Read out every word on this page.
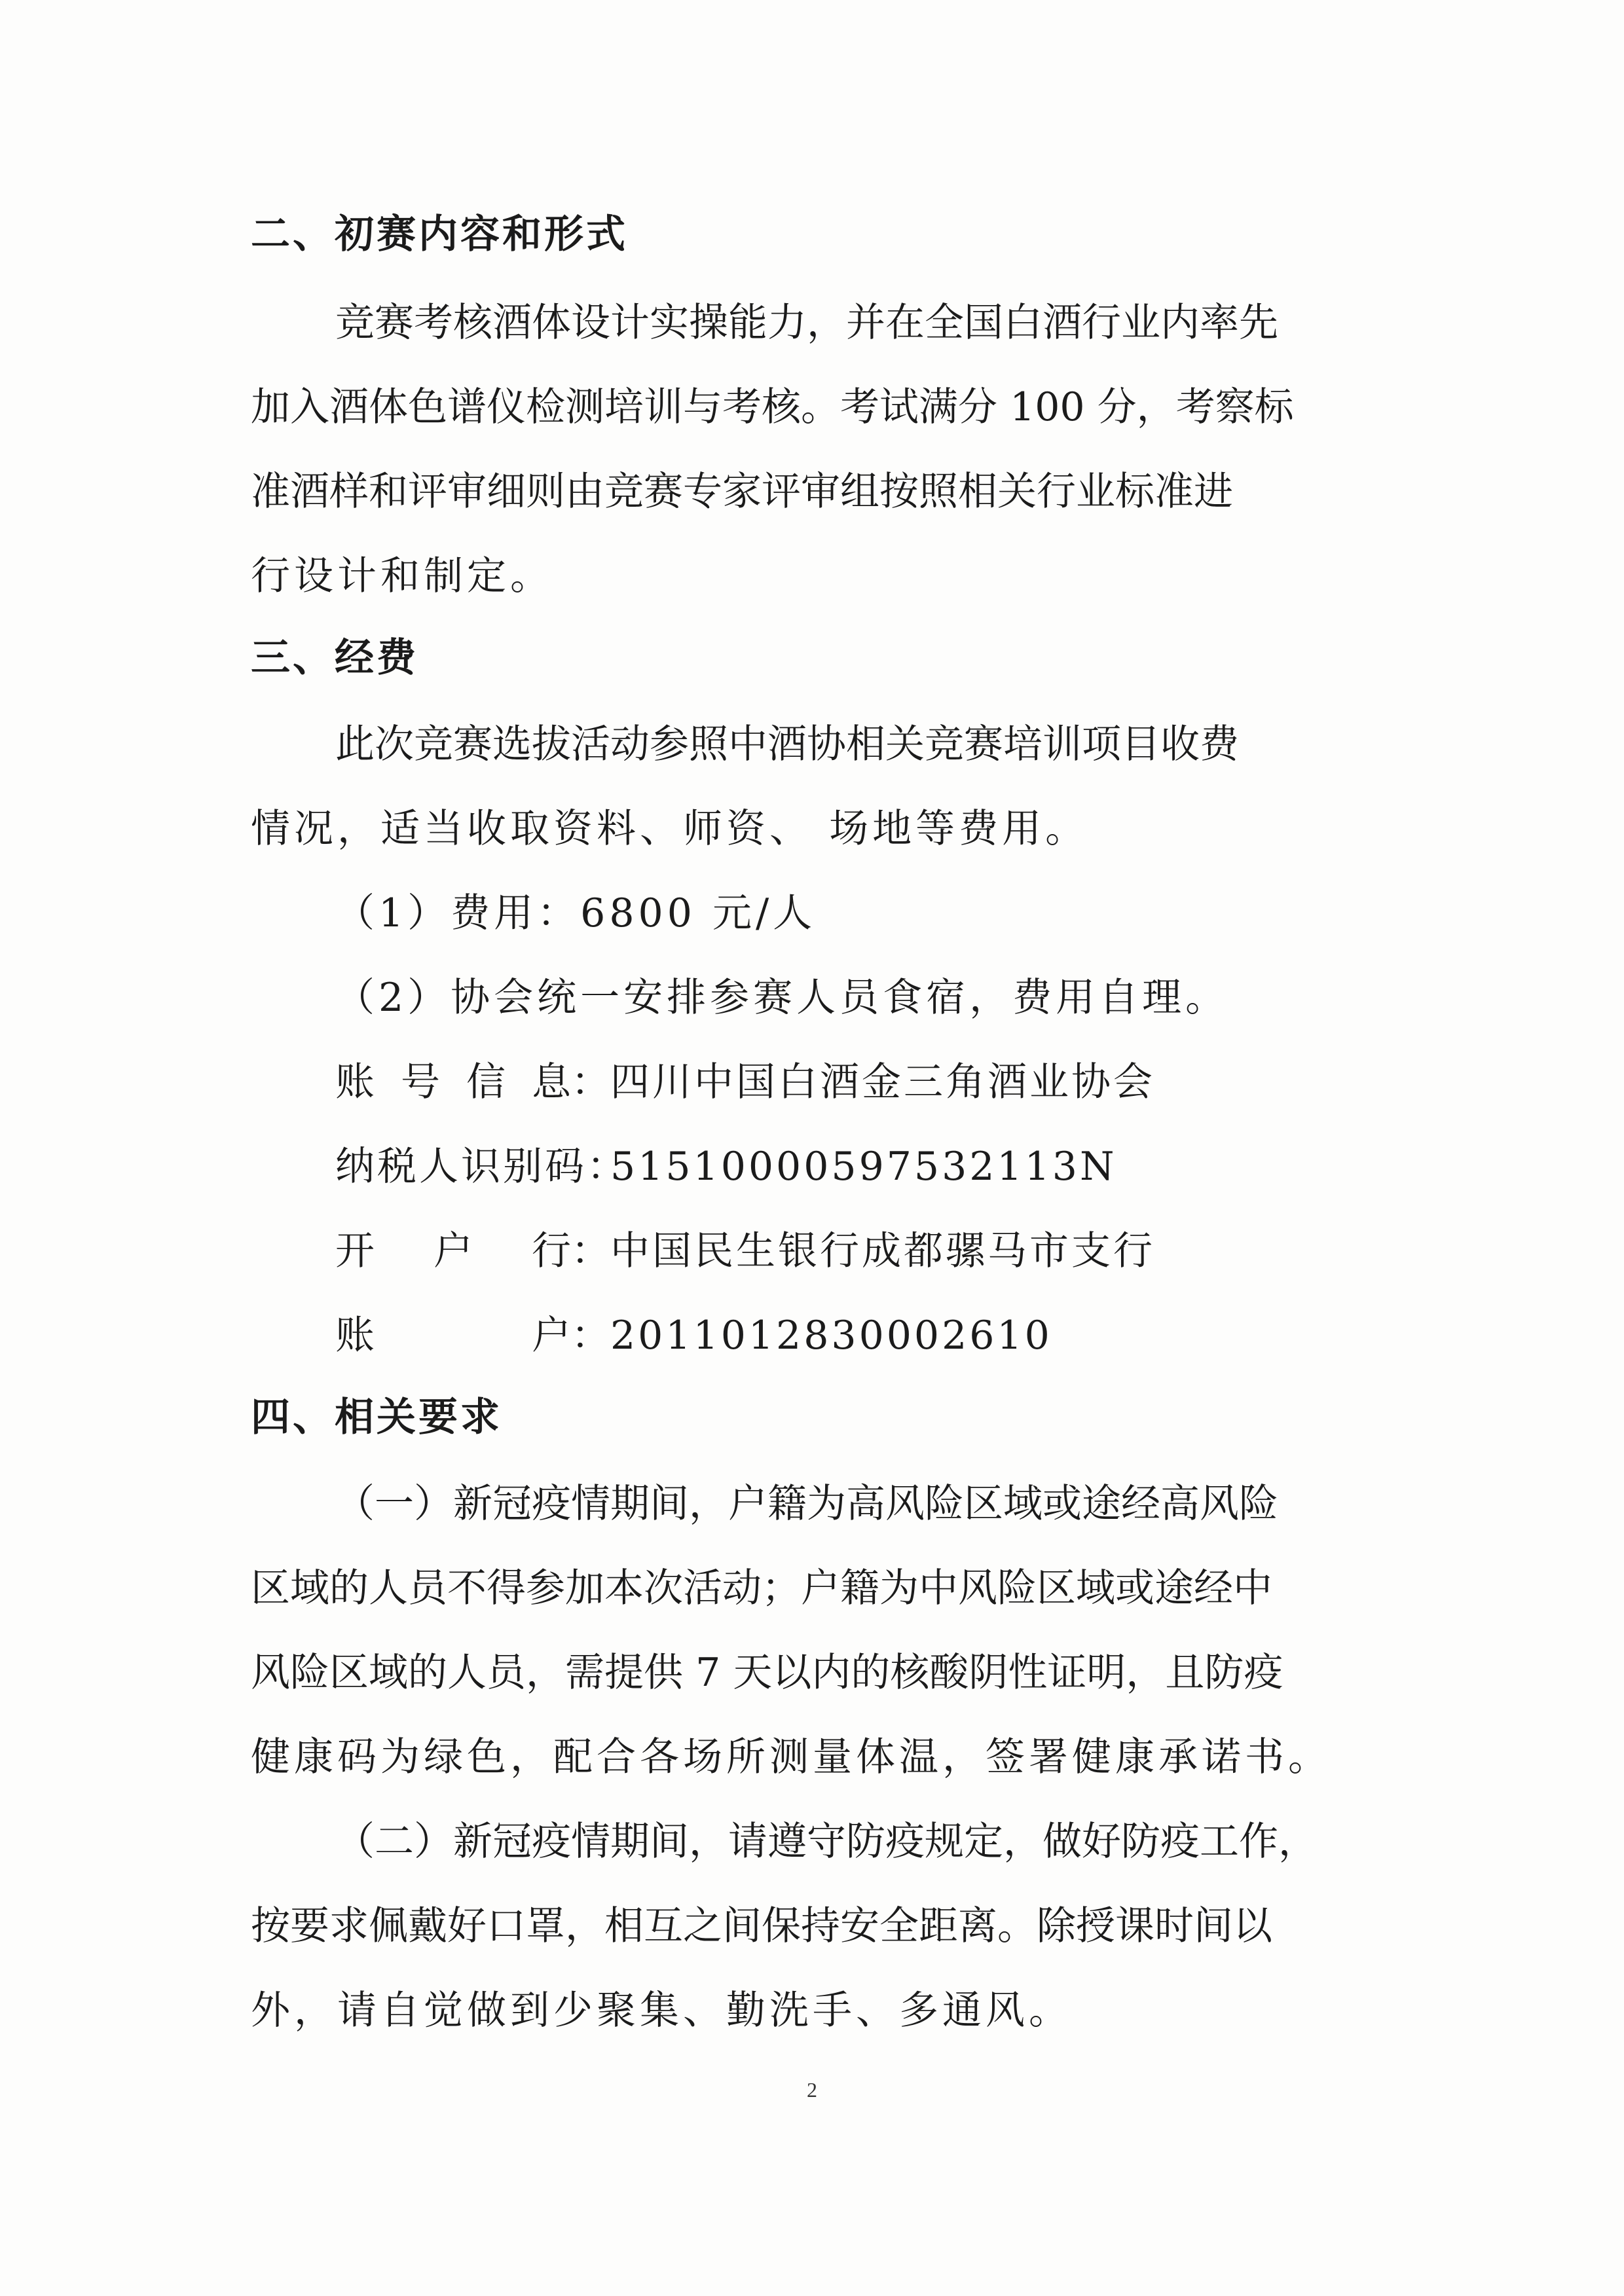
二、初赛内容和形式
竞赛考核酒体设计实操能力，并在全国白酒行业内率先
加入酒体色谱仪检测培训与考核。考试满分 100 分，考察标
准酒样和评审细则由竞赛专家评审组按照相关行业标准进
行设计和制定。
三、经费
此次竞赛选拔活动参照中酒协相关竞赛培训项目收费
情况，适当收取资料、师资、 场地等费用。
（1）费用：6800 元/人
（2）协会统一安排参赛人员食宿，费用自理。
账 号 信 息： 四川中国白酒金三角酒业协会
纳税人识别码：
51510000597532113N
开 户 行： 中国民生银行成都骡马市支行
账	户： 2011012830002610
四、相关要求
（一）新冠疫情期间，户籍为高风险区域或途经高风险
区域的人员不得参加本次活动；户籍为中风险区域或途经中
风险区域的人员，需提供 7 天以内的核酸阴性证明，且防疫
健康码为绿色，配合各场所测量体温，签署健康承诺书。
（二）新冠疫情期间，请遵守防疫规定，做好防疫工作，
按要求佩戴好口罩，相互之间保持安全距离。除授课时间以
外，请自觉做到少聚集、勤洗手、多通风。
2
